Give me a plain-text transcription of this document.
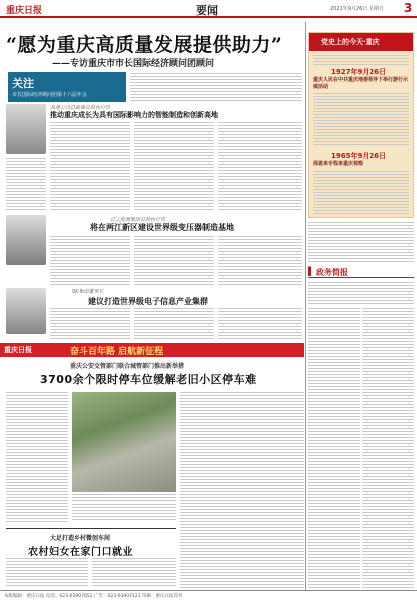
重庆日报	要闻	2021年9月26日 星期日 3
“愿为重庆高质量发展提供助力”
——专访重庆市市长国际经济顾问团顾问
关注
市长国际经济顾问团第十六届年会
高通公司总裁兼首席执行官
推动重庆成长为具有国际影响力的智能制造和创新高地
日立能源集团首席执行官
将在两江新区建设世界级变压器制造基地
SK集团董事长
建议打造世界级电子信息产业集群
重庆日报	奋斗百年路 启航新征程
重庆公安交管部门联合城管部门推出新举措
3700余个限时停车位缓解老旧小区停车难
大足打造乡村微创车间
农村妇女在家门口就业
党史上的今天·重庆
1927年9月26日
重庆人民在中共重庆地委领导下举行游行示威活动
1965年9月26日
周恩来专程来重庆视察
▌ 政务简报
本版编辑：重庆日报 电话：023-63907051 广告：023-63907121 印刷：重庆日报印务
